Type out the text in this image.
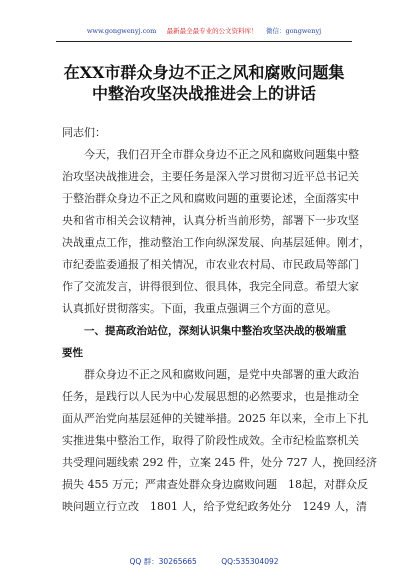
www.gongwenyj.com 最新最全最专业的公文资料库！ 微信：gongwenyj
在XX市群众身边不正之风和腐败问题集
中整治攻坚决战推进会上的讲话
同志们：
今天，我们召开全市群众身边不正之风和腐败问题集中整
治攻坚决战推进会，主要任务是深入学习贯彻习近平总书记关
于整治群众身边不正之风和腐败问题的重要论述，全面落实中
央和省市相关会议精神，认真分析当前形势，部署下一步攻坚
决战重点工作，推动整治工作向纵深发展、向基层延伸。刚才，
市纪委监委通报了相关情况，市农业农村局、市民政局等部门
作了交流发言，讲得很到位、很具体，我完全同意。希望大家
认真抓好贯彻落实。下面，我重点强调三个方面的意见。
一、提高政治站位，深刻认识集中整治攻坚决战的极端重
要性
群众身边不正之风和腐败问题，是党中央部署的重大政治
任务，是践行以人民为中心发展思想的必然要求，也是推动全
面从严治党向基层延伸的关键举措。2025 年以来，全市上下扎
实推进集中整治工作，取得了阶段性成效。全市纪检监察机关
共受理问题线索 292 件，立案 245 件，处分 727 人，挽回经济
损失 455 万元；严肃查处群众身边腐败问题　18起，对群众反
映问题立行立改　1801 人，给予党纪政务处分　1249 人，清
QQ 群：30265665	QQ:535304092
